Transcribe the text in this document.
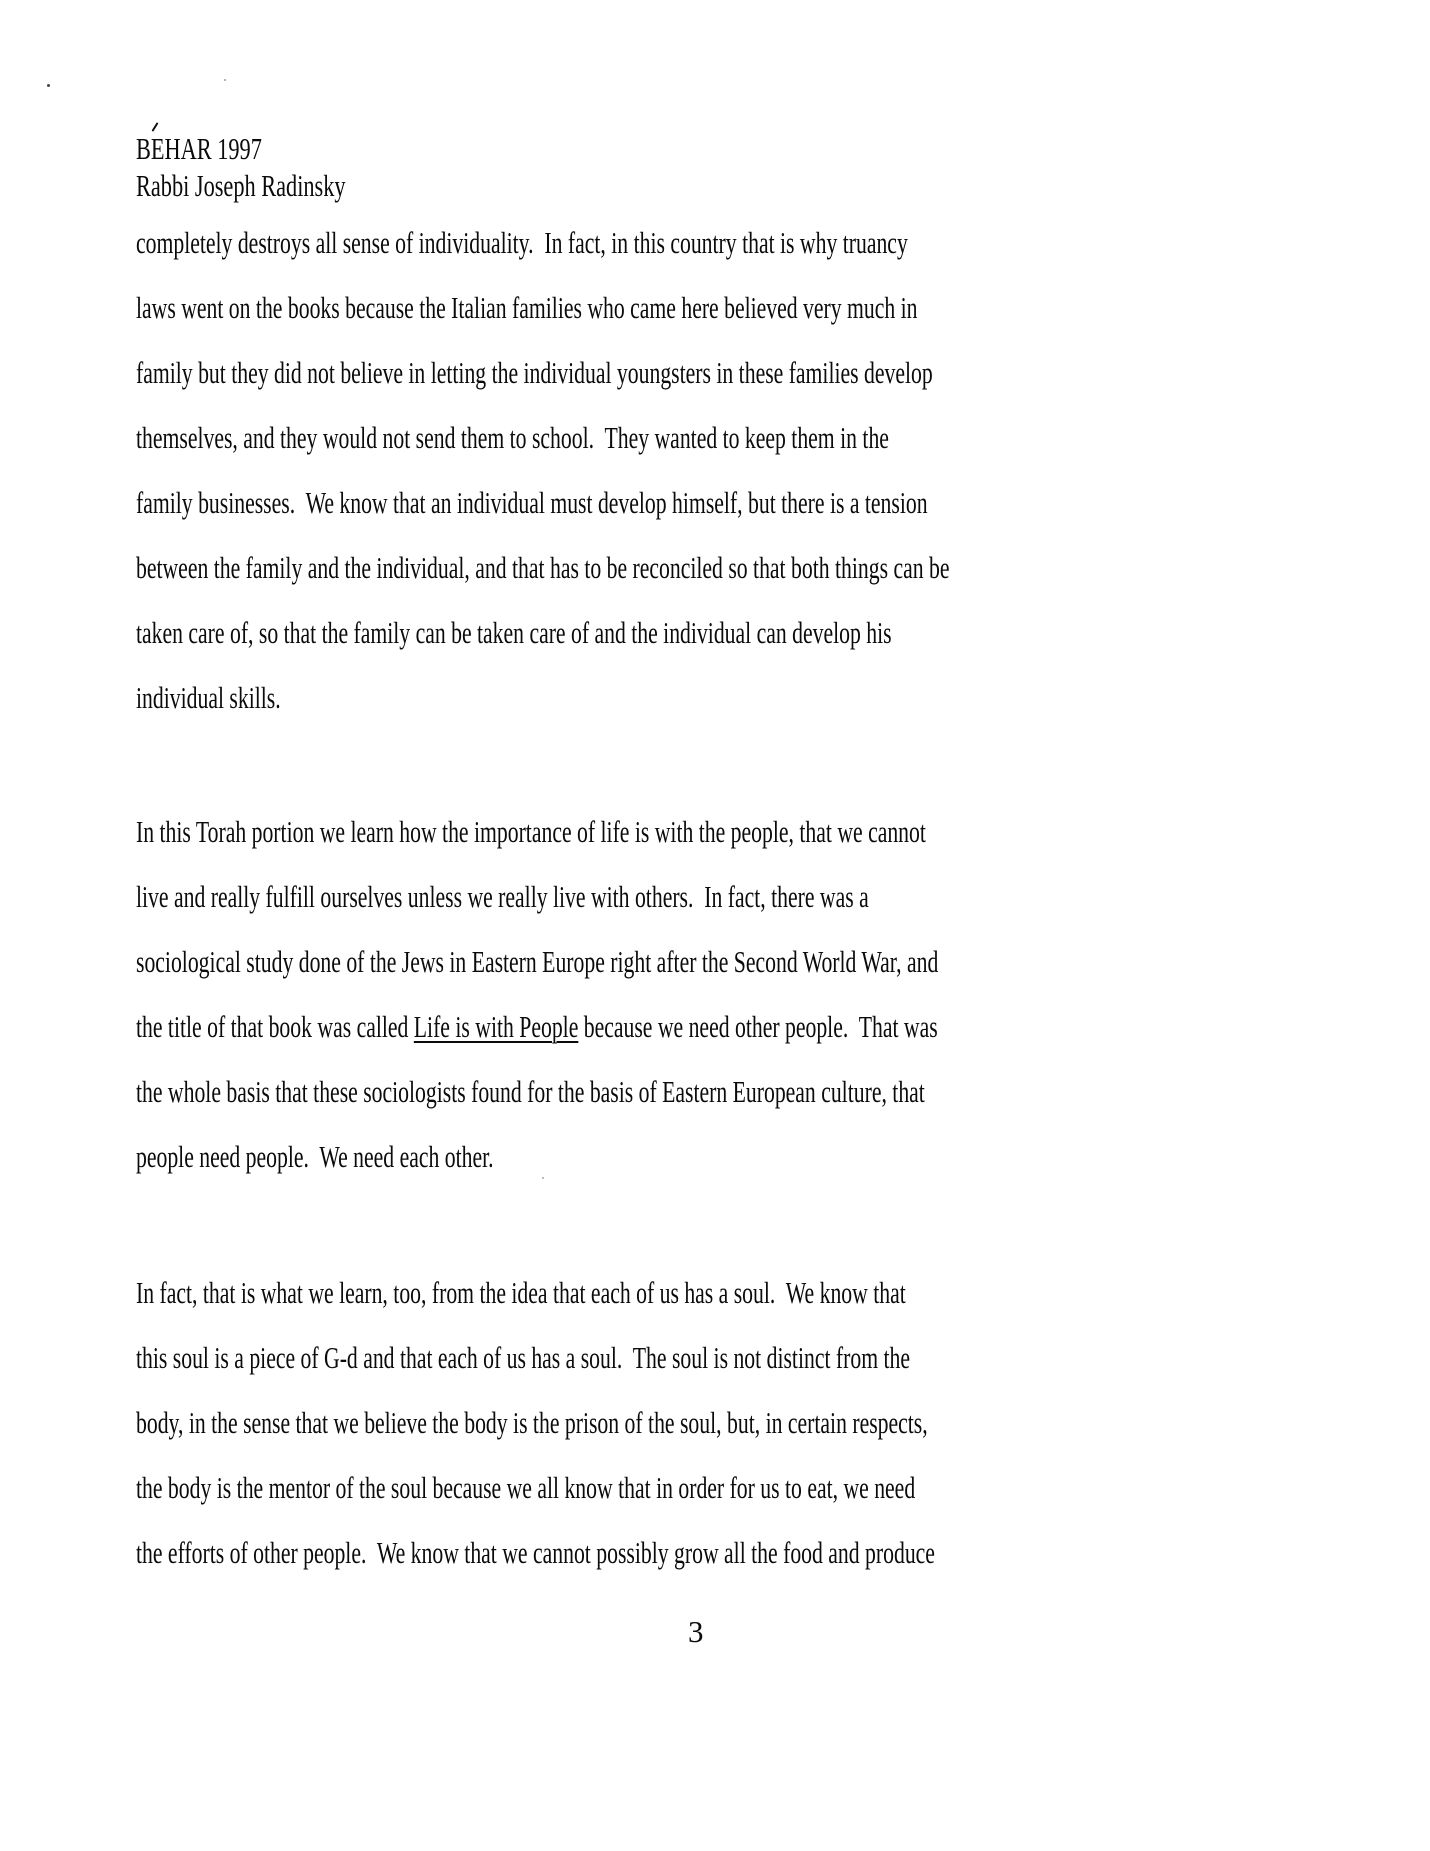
BEHAR 1997
Rabbi Joseph Radinsky
completely destroys all sense of individuality.  In fact, in this country that is why truancy
laws went on the books because the Italian families who came here believed very much in
family but they did not believe in letting the individual youngsters in these families develop
themselves, and they would not send them to school.  They wanted to keep them in the
family businesses.  We know that an individual must develop himself, but there is a tension
between the family and the individual, and that has to be reconciled so that both things can be
taken care of, so that the family can be taken care of and the individual can develop his
individual skills.
In this Torah portion we learn how the importance of life is with the people, that we cannot
live and really fulfill ourselves unless we really live with others.  In fact, there was a
sociological study done of the Jews in Eastern Europe right after the Second World War, and
the title of that book was called Life is with People because we need other people.  That was
the whole basis that these sociologists found for the basis of Eastern European culture, that
people need people.  We need each other.
In fact, that is what we learn, too, from the idea that each of us has a soul.  We know that
this soul is a piece of G-d and that each of us has a soul.  The soul is not distinct from the
body, in the sense that we believe the body is the prison of the soul, but, in certain respects,
the body is the mentor of the soul because we all know that in order for us to eat, we need
the efforts of other people.  We know that we cannot possibly grow all the food and produce
3
